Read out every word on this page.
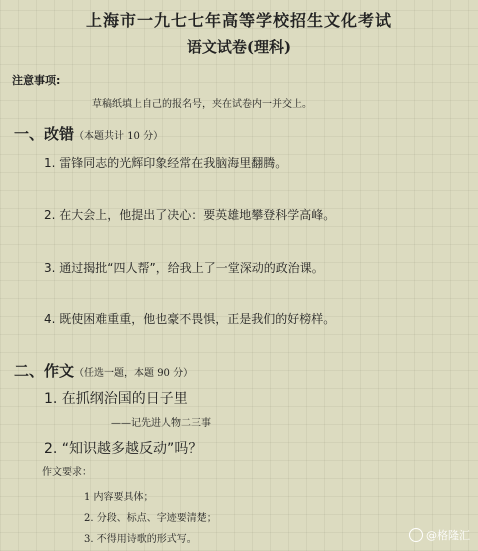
上海市一九七七年高等学校招生文化考试
语文试卷(理科)
注意事项:
草稿纸填上自己的报名号，夹在试卷内一并交上。
一、改错（本题共计 10 分）
1. 雷锋同志的光辉印象经常在我脑海里翻腾。
2. 在大会上，他提出了决心：要英雄地攀登科学高峰。
3. 通过揭批“四人帮”，给我上了一堂深动的政治课。
4. 既使困难重重，他也豪不畏惧，正是我们的好榜样。
二、作文（任选一题，本题 90 分）
1. 在抓纲治国的日子里
——记先进人物二三事
2. “知识越多越反动”吗？
作文要求：
1 内容要具体；
2. 分段、标点、字迹要清楚；
3. 不得用诗歌的形式写。	@格隆汇
